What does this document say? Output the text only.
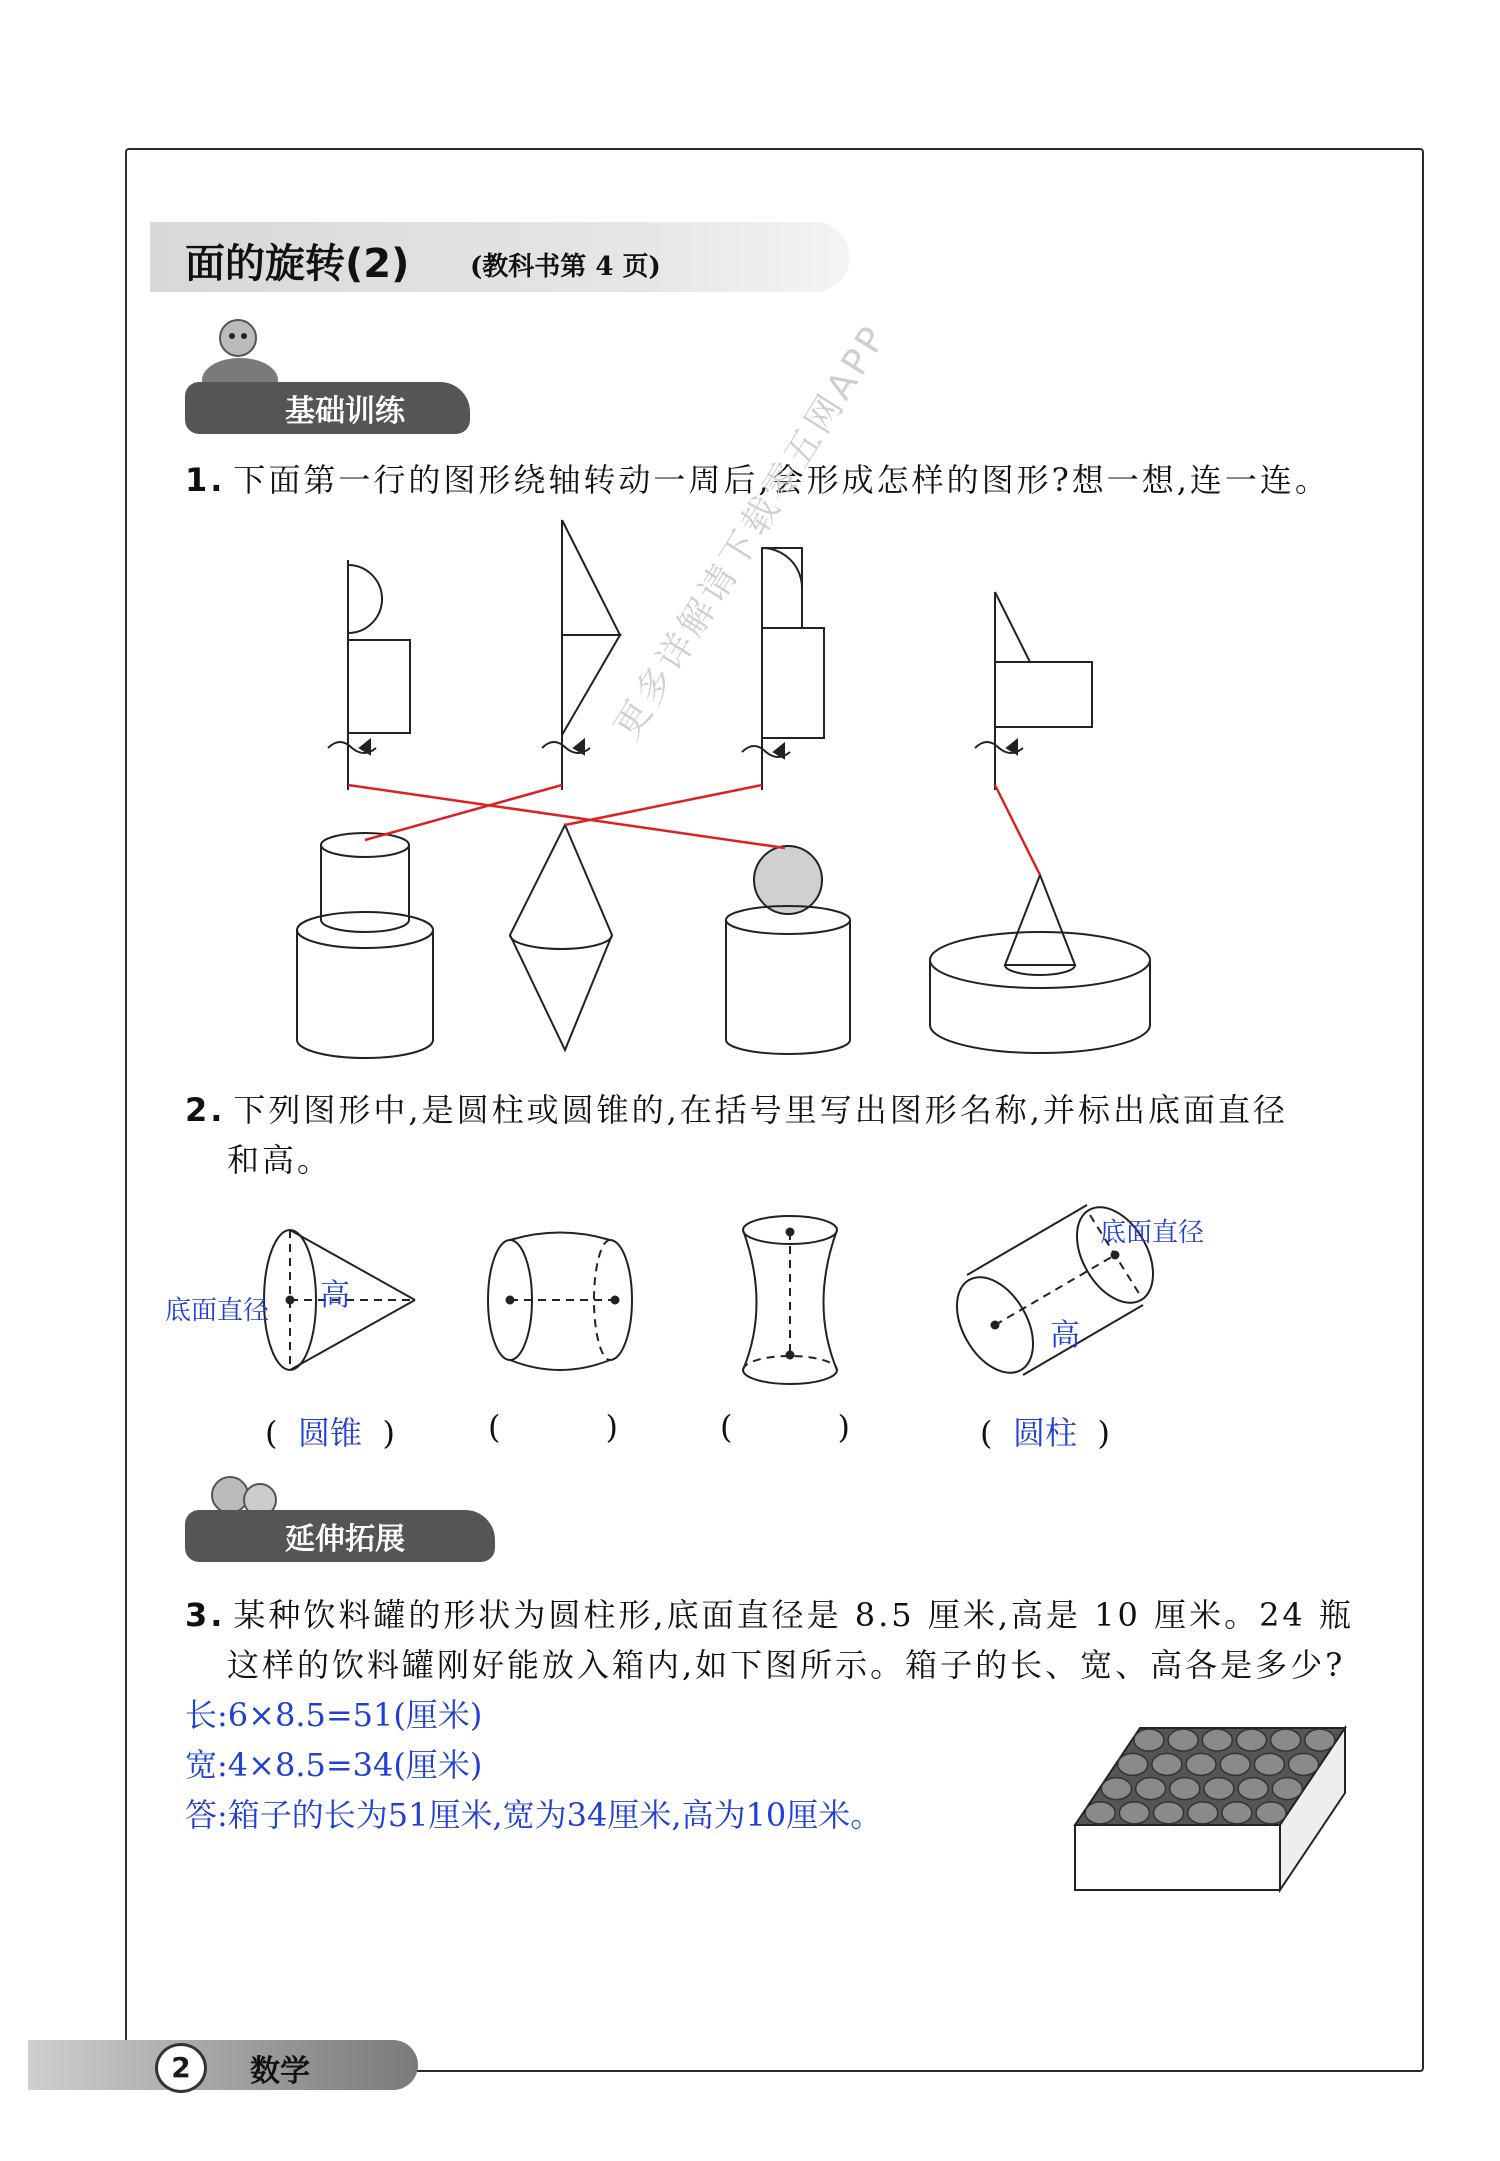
面的旋转(2) (教科书第 4 页)
基础训练
1. 下面第一行的图形绕轴转动一周后,会形成怎样的图形?想一想,连一连。
2. 下列图形中,是圆柱或圆锥的,在括号里写出图形名称,并标出底面直径
和高。
底面直径 高
底面直径
高
( 圆锥 )	(	)	(	)	( 圆柱 )
延伸拓展
3. 某种饮料罐的形状为圆柱形,底面直径是 8.5 厘米,高是 10 厘米。24 瓶
这样的饮料罐刚好能放入箱内,如下图所示。箱子的长、宽、高各是多少?
长:6×8.5=51(厘米)
宽:4×8.5=34(厘米)
答:箱子的长为51厘米,宽为34厘米,高为10厘米。
更多详解请下载零五网APP
2	数学
